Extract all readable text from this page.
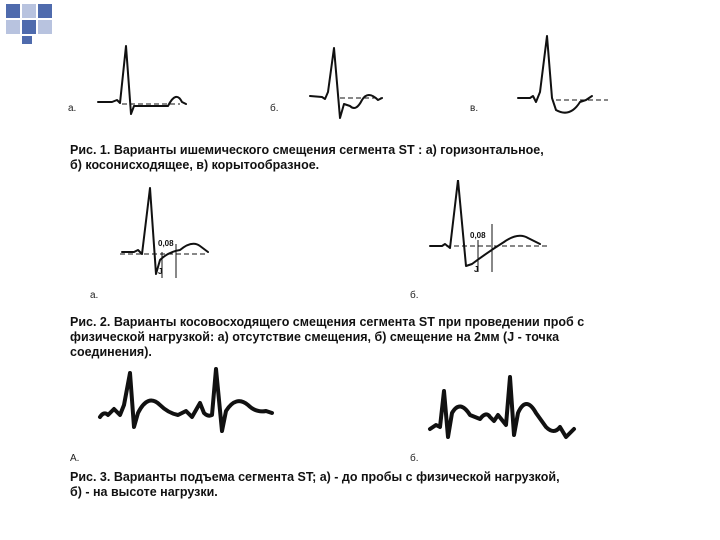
а.	б.	в.
Рис. 1. Варианты ишемического смещения сегмента ST : а) горизонтальное,
б) косонисходящее, в) корытообразное.
0,08
J
0,08
J
а.	б.
Рис. 2. Варианты косовосходящего смещения сегмента ST при проведении проб с
физической нагрузкой: а) отсутствие смещения, б) смещение на 2мм (J - точка
соединения).
А.	б.
Рис. 3. Варианты подъема сегмента ST; а) - до пробы с физической нагрузкой,
б) - на высоте нагрузки.
